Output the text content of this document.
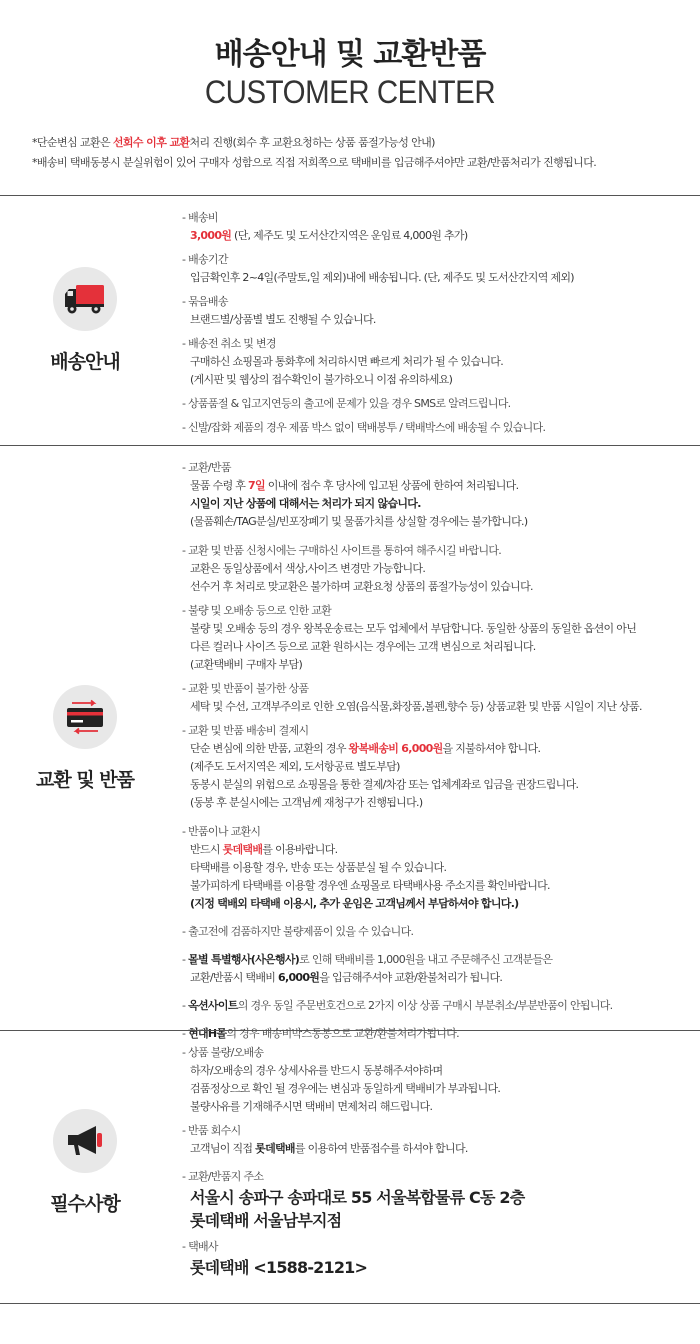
배송안내 및 교환반품
CUSTOMER CENTER
*단순변심 교환은 선회수 이후 교환처리 진행(회수 후 교환요청하는 상품 품절가능성 안내)
*배송비 택배동봉시 분실위험이 있어 구매자 성함으로 직접 저희쪽으로 택배비를 입금해주셔야만 교환/반품처리가 진행됩니다.
배송안내
- 배송비
3,000원 (단, 제주도 및 도서산간지역은 운임료 4,000원 추가)
- 배송기간
입금확인후 2~4일(주말토,일 제외)내에 배송됩니다. (단, 제주도 및 도서산간지역 제외)
- 묶음배송
브랜드별/상품별 별도 진행될 수 있습니다.
- 배송전 취소 및 변경
구매하신 쇼핑몰과 통화후에 처리하시면 빠르게 처리가 될 수 있습니다.
(게시판 및 웹상의 접수확인이 불가하오니 이점 유의하세요)
- 상품품절 & 입고지연등의 출고에 문제가 있을 경우 SMS로 알려드립니다.
- 신발/잡화 제품의 경우 제품 박스 없이 택배봉투 / 택배박스에 배송될 수 있습니다.
교환 및 반품
- 교환/반품
물품 수령 후 7일 이내에 접수 후 당사에 입고된 상품에 한하여 처리됩니다.
시일이 지난 상품에 대해서는 처리가 되지 않습니다.
(물품훼손/TAG분실/빈포장폐기 및 물품가치를 상실할 경우에는 불가합니다.)
- 교환 및 반품 신청시에는 구매하신 사이트를 통하여 해주시길 바랍니다.
교환은 동일상품에서 색상,사이즈 변경만 가능합니다.
선수거 후 처리로 맞교환은 불가하며 교환요청 상품의 품절가능성이 있습니다.
- 불량 및 오배송 등으로 인한 교환
불량 및 오배송 등의 경우 왕복운송료는 모두 업체에서 부담합니다. 동일한 상품의 동일한 옵션이 아닌
다른 컬러나 사이즈 등으로 교환 원하시는 경우에는 고객 변심으로 처리됩니다.
(교환택배비 구매자 부담)
- 교환 및 반품이 불가한 상품
세탁 및 수선, 고객부주의로 인한 오염(음식물,화장품,볼펜,향수 등) 상품교환 및 반품 시일이 지난 상품.
- 교환 및 반품 배송비 결제시
단순 변심에 의한 반품, 교환의 경우 왕복배송비 6,000원을 지불하셔야 합니다.
(제주도 도서지역은 제외, 도서항공료 별도부담)
동봉시 분실의 위험으로 쇼핑몰을 통한 결제/차감 또는 업체계좌로 입금을 권장드립니다.
(동봉 후 분실시에는 고객님께 재청구가 진행됩니다.)
- 반품이나 교환시
반드시 롯데택배를 이용바랍니다.
타택배를 이용할 경우, 반송 또는 상품분실 될 수 있습니다.
불가피하게 타택배를 이용할 경우엔 쇼핑몰로 타택배사용 주소지를 확인바랍니다.
(지정 택배외 타택배 이용시, 추가 운임은 고객님께서 부담하셔야 합니다.)
- 출고전에 검품하지만 불량제품이 있을 수 있습니다.
- 몰별 특별행사(사은행사)로 인해 택배비를 1,000원을 내고 주문해주신 고객분들은
교환/반품시 택배비 6,000원을 입금해주셔야 교환/환불처리가 됩니다.
- 옥션사이트의 경우 동일 주문번호건으로 2가지 이상 상품 구매시 부분취소/부분반품이 안됩니다.
- 현대H몰의 경우 배송비박스동봉으로 교환/환불처리가됩니다.
필수사항
- 상품 불량/오배송
하자/오배송의 경우 상세사유를 반드시 동봉해주셔야하며
검품정상으로 확인 될 경우에는 변심과 동일하게 택배비가 부과됩니다.
불량사유를 기재해주시면 택배비 면제처리 해드립니다.
- 반품 회수시
고객님이 직접 롯데택배를 이용하여 반품접수를 하셔야 합니다.
- 교환/반품지 주소
서울시 송파구 송파대로 55 서울복합물류 C동 2층
롯데택배 서울남부지점
- 택배사
롯데택배 <1588-2121>
